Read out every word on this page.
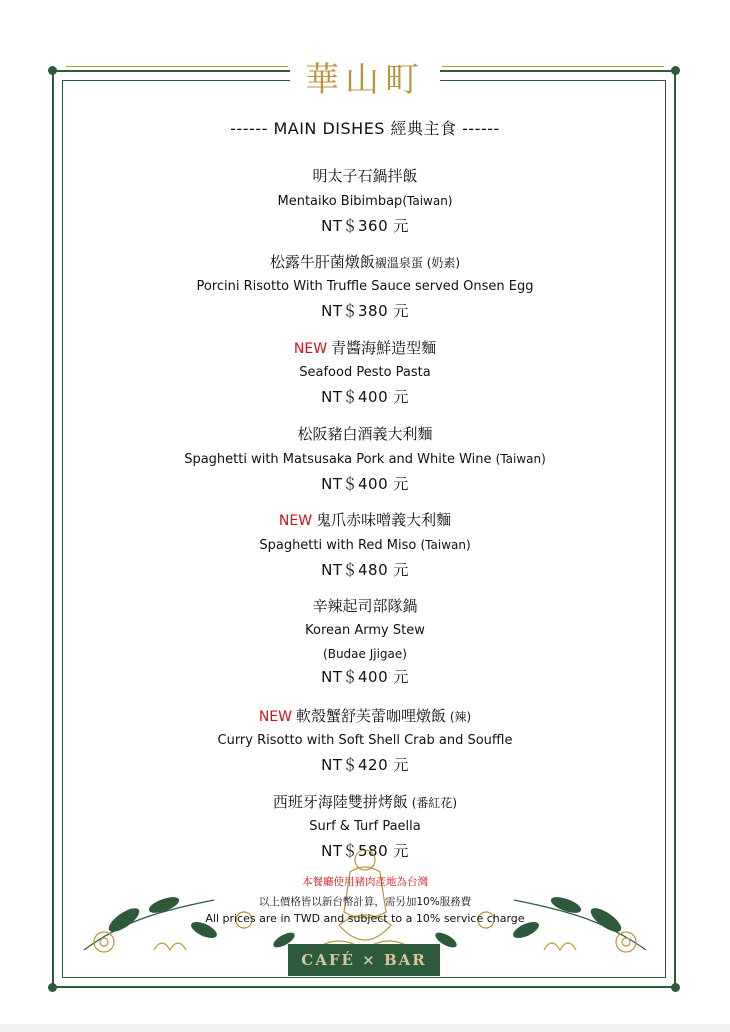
華山町
------ MAIN DISHES 經典主食 ------
明太子石鍋拌飯
Mentaiko Bibimbap(Taiwan)
NT＄360 元
松露牛肝菌燉飯襯溫泉蛋 (奶素)
Porcini Risotto With Truffle Sauce served Onsen Egg
NT＄380 元
NEW 青醬海鮮造型麵
Seafood Pesto Pasta
NT＄400 元
松阪豬白酒義大利麵
Spaghetti with Matsusaka Pork and White Wine (Taiwan)
NT＄400 元
NEW 鬼爪赤味噌義大利麵
Spaghetti with Red Miso (Taiwan)
NT＄480 元
辛辣起司部隊鍋
Korean Army Stew
(Budae Jjigae)
NT＄400 元
NEW 軟殼蟹舒芙蕾咖哩燉飯 (辣)
Curry Risotto with Soft Shell Crab and Souffle
NT＄420 元
西班牙海陸雙拼烤飯 (番紅花)
Surf & Turf Paella
NT＄580 元
本餐廳使用豬肉產地為台灣
以上價格皆以新台幣計算，需另加10%服務費
All prices are in TWD and subject to a 10% service charge
CAFÉ × BAR
